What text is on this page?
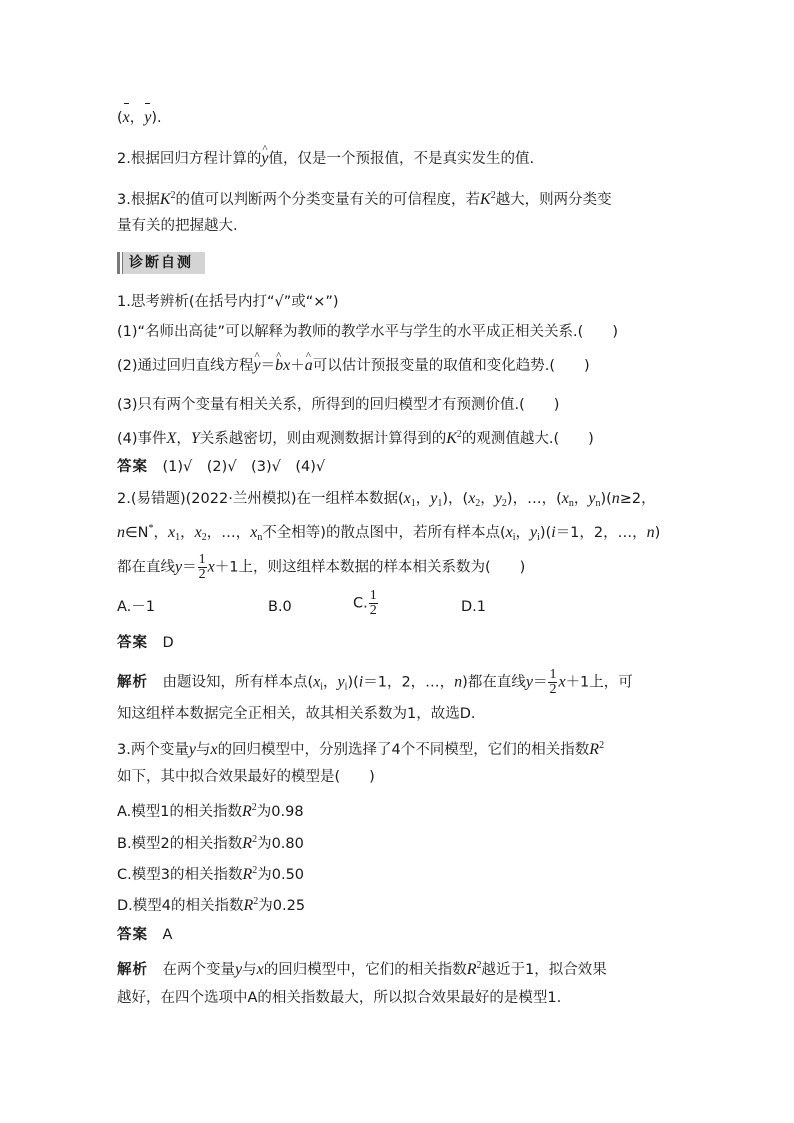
(x，y).
2.根据回归方程计算的^ y值，仅是一个预报值，不是真实发生的值.
3.根据$K^2$的值可以判断两个分类变量有关的可信程度，若$K^2$越大，则两分类变
量有关的把握越大.
诊断自测
1.思考辨析(在括号内打“√”或“×”)
(1)“名师出高徒”可以解释为教师的教学水平与学生的水平成正相关关系.(　　)
(2)通过回归直线方程^ y＝^ bx＋^ a可以估计预报变量的取值和变化趋势.(　　)
(3)只有两个变量有相关关系，所得到的回归模型才有预测价值.(　　)
(4)事件X，Y关系越密切，则由观测数据计算得到的$K^2$的观测值越大.(　　)
答案　 (1)√　(2)√　(3)√　(4)√
2.(易错题)(2022·兰州模拟)在一组样本数据($x_1$，$y_1$)，($x_2$，$y_2$)，…，($x_n$，$y_n)(n\ge 2$，
n∈N*，$x_1$，$x_2$，…，$x_n$不全相等)的散点图中，若所有样本点($x_i$，$y_i)(i=1$，2，…，n)
都在直线$y= \frac{1}{2} x+1$上，则这组样本数据的样本相关系数为(　　)
A.－1	B.0	C. $\frac{1}{2}$	D.1
答案　 D
解析　 由题设知，所有样本点($x_i$，$y_i)(i=1$，2，…，n)都在直线$y= \frac{1}{2} x+1$上，可
知这组样本数据完全正相关，故其相关系数为1，故选D.
3.两个变量y与x的回归模型中，分别选择了4个不同模型，它们的相关指数$R^2$
如下，其中拟合效果最好的模型是(　　)
A.模型1的相关指数$R^2$为0.98
B.模型2的相关指数$R^2$为0.80
C.模型3的相关指数$R^2$为0.50
D.模型4的相关指数$R^2$为0.25
答案　 A
解析　 在两个变量y与x的回归模型中，它们的相关指数$R^2$越近于1，拟合效果
越好，在四个选项中A的相关指数最大，所以拟合效果最好的是模型1.
